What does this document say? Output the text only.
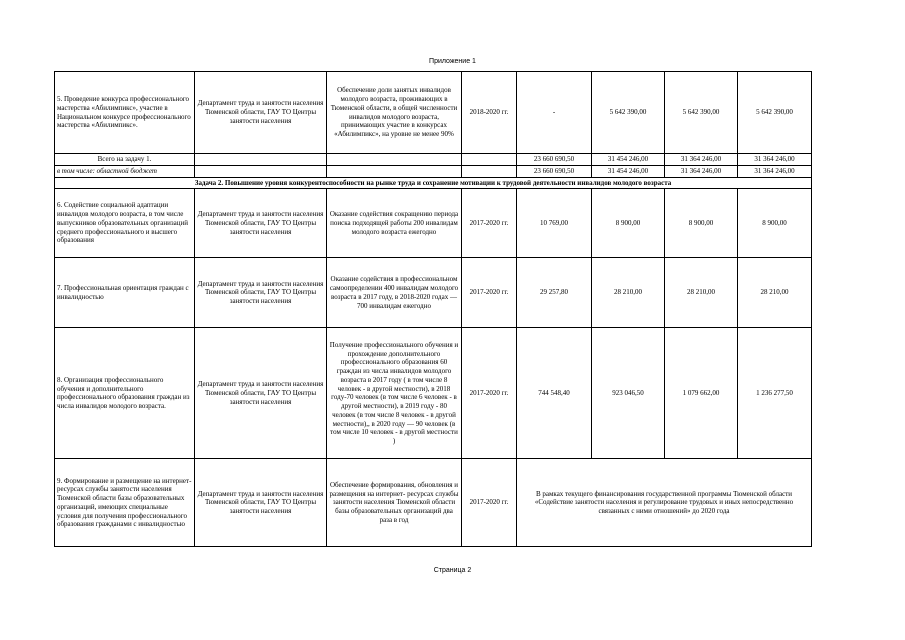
Приложение 1
5. Проведение конкурса профессионального мастерства «Абилимпикс», участие в Национальном конкурсе профессионального мастерства «Абилимпикс».	Департамент труда и занятости населения Тюменской области, ГАУ ТО Центры занятости населения	Обеспечение доли занятых инвалидов молодого возраста, проживающих в Тюменской области, в общей численности инвалидов молодого возраста, принимающих участие в конкурсах «Абилимпикс», на уровне не менее 90%	2018-2020 гг.	-	5 642 390,00	5 642 390,00	5 642 390,00
Всего на задачу 1.				23 660 690,50	31 454 246,00	31 364 246,00	31 364 246,00
в том числе: областной бюджет				23 660 690,50	31 454 246,00	31 364 246,00	31 364 246,00
Задача 2. Повышение уровня конкурентоспособности на рынке труда и сохранение мотивации к трудовой деятельности инвалидов молодого возраста							
6. Содействие социальной адаптации инвалидов молодого возраста, в том числе выпускников образовательных организаций среднего профессионального и высшего образования	Департамент труда и занятости населения Тюменской области, ГАУ ТО Центры занятости населения	Оказание содействия сокращению периода поиска подходящей работы 200 инвалидам молодого возраста ежегодно	2017-2020 гг.	10 769,00	8 900,00	8 900,00	8 900,00
7. Профессиональная ориентация граждан с инвалидностью	Департамент труда и занятости населения Тюменской области, ГАУ ТО Центры занятости населения	Оказание содействия в профессиональном самоопределении 400 инвалидам молодого возраста в 2017 году, в 2018-2020 годах — 700 инвалидам ежегодно	2017-2020 гг.	29 257,80	28 210,00	28 210,00	28 210,00
8. Организация профессионального обучения и дополнительного профессионального образования граждан из числа инвалидов молодого возраста.	Департамент труда и занятости населения Тюменской области, ГАУ ТО Центры занятости населения	Получение профессионального обучения и прохождение дополнительного профессионального образования 60 граждан из числа инвалидов молодого возраста в 2017 году ( в том числе 8 человек - в другой местности), в 2018 году-70 человек (в том числе 6 человек - в другой местности), в 2019 году - 80 человек (в том числе 8 человек - в другой местности),, в 2020 году — 90 человек (в том числе 10 человек - в другой местности )	2017-2020 гг.	744 548,40	923 046,50	1 079 662,00	1 236 277,50
9. Формирование и размещение на интернет- ресурсах службы занятости населения Тюменской области базы образовательных организаций, имеющих специальные условия для получения профессионального образования гражданами с инвалидностью	Департамент труда и занятости населения Тюменской области, ГАУ ТО Центры занятости населения	Обеспечение формирования, обновления и размещения на интернет- ресурсах службы занятости населения Тюменской области базы образовательных организаций два раза в год	2017-2020 гг.	В рамках текущего финансирования государственной программы Тюменской области «Содействие занятости населения и регулирование трудовых и иных непосредственно связанных с ними отношений» до 2020 года			
Страница 2
